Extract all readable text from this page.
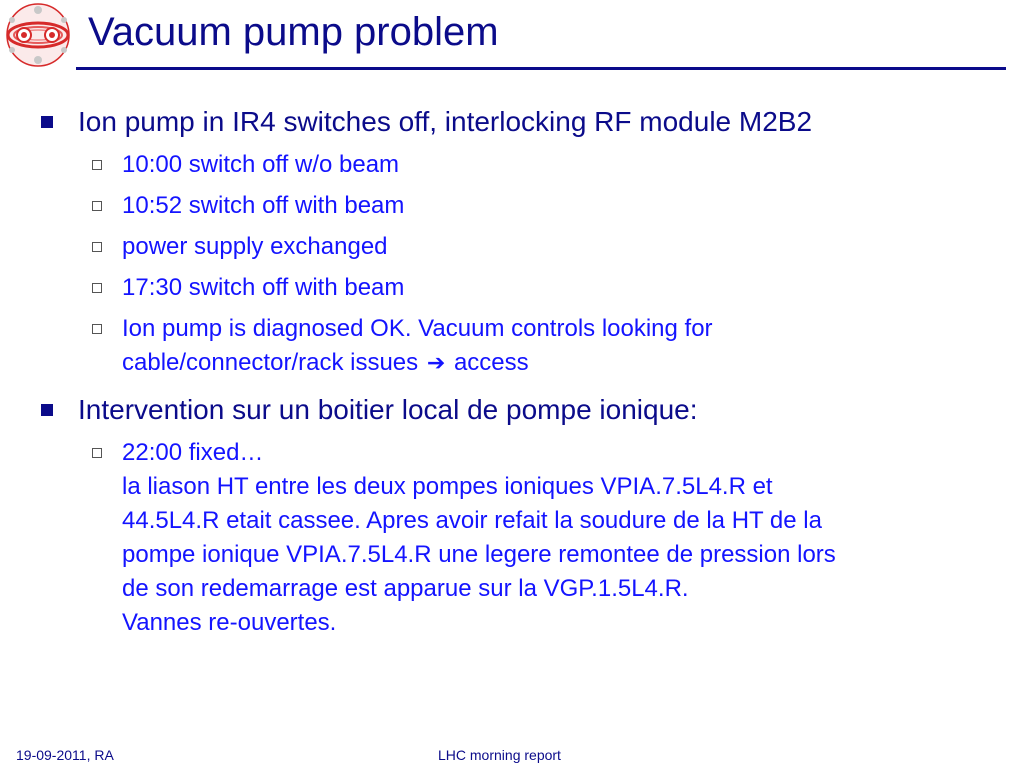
Vacuum pump problem
Ion pump in IR4 switches off, interlocking RF module M2B2
10:00 switch off w/o beam
10:52 switch off with beam
power supply exchanged
17:30 switch off with beam
Ion pump is diagnosed OK. Vacuum controls looking for
cable/connector/rack issues ➔ access
Intervention sur un boitier local de pompe ionique:
22:00 fixed…
la liason HT entre les deux pompes ioniques VPIA.7.5L4.R et
44.5L4.R etait cassee. Apres avoir refait la soudure de la HT de la
pompe ionique VPIA.7.5L4.R une legere remontee de pression lors
de son redemarrage est apparue sur la VGP.1.5L4.R.
Vannes re-ouvertes.
19-09-2011, RA	LHC morning report
